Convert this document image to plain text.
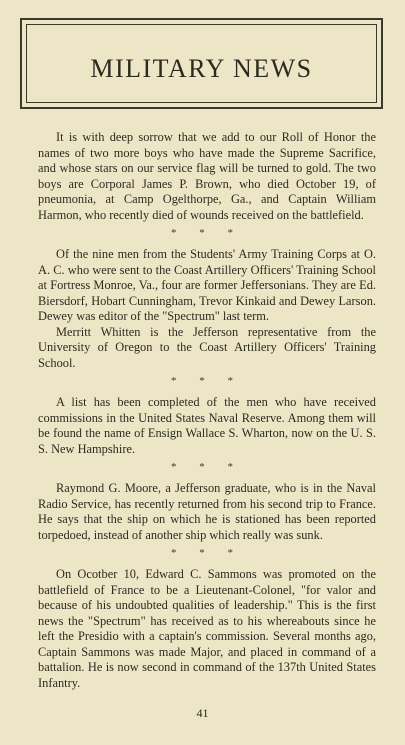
MILITARY NEWS

It is with deep sorrow that we add to our Roll of Honor the names of two more boys who have made the Supreme Sacrifice, and whose stars on our service flag will be turned to gold. The two boys are Corporal James P. Brown, who died October 19, of pneumonia, at Camp Ogelthorpe, Ga., and Captain William Harmon, who recently died of wounds received on the battlefield.

* * *

Of the nine men from the Students' Army Training Corps at O. A. C. who were sent to the Coast Artillery Officers' Training School at Fortress Monroe, Va., four are former Jeffersonians. They are Ed. Biersdorf, Hobart Cunningham, Trevor Kinkaid and Dewey Larson. Dewey was editor of the "Spectrum" last term.

Merritt Whitten is the Jefferson representative from the University of Oregon to the Coast Artillery Officers' Training School.

* * *

A list has been completed of the men who have received commissions in the United States Naval Reserve. Among them will be found the name of Ensign Wallace S. Wharton, now on the U. S. S. New Hampshire.

* * *

Raymond G. Moore, a Jefferson graduate, who is in the Naval Radio Service, has recently returned from his second trip to France. He says that the ship on which he is stationed has been reported torpedoed, instead of another ship which really was sunk.

* * *

On Ocotber 10, Edward C. Sammons was promoted on the battlefield of France to be a Lieutenant-Colonel, "for valor and because of his undoubted qualities of leadership." This is the first news the "Spectrum" has received as to his whereabouts since he left the Presidio with a captain's commission. Several months ago, Captain Sammons was made Major, and placed in command of a battalion. He is now second in command of the 137th United States Infantry.

41
